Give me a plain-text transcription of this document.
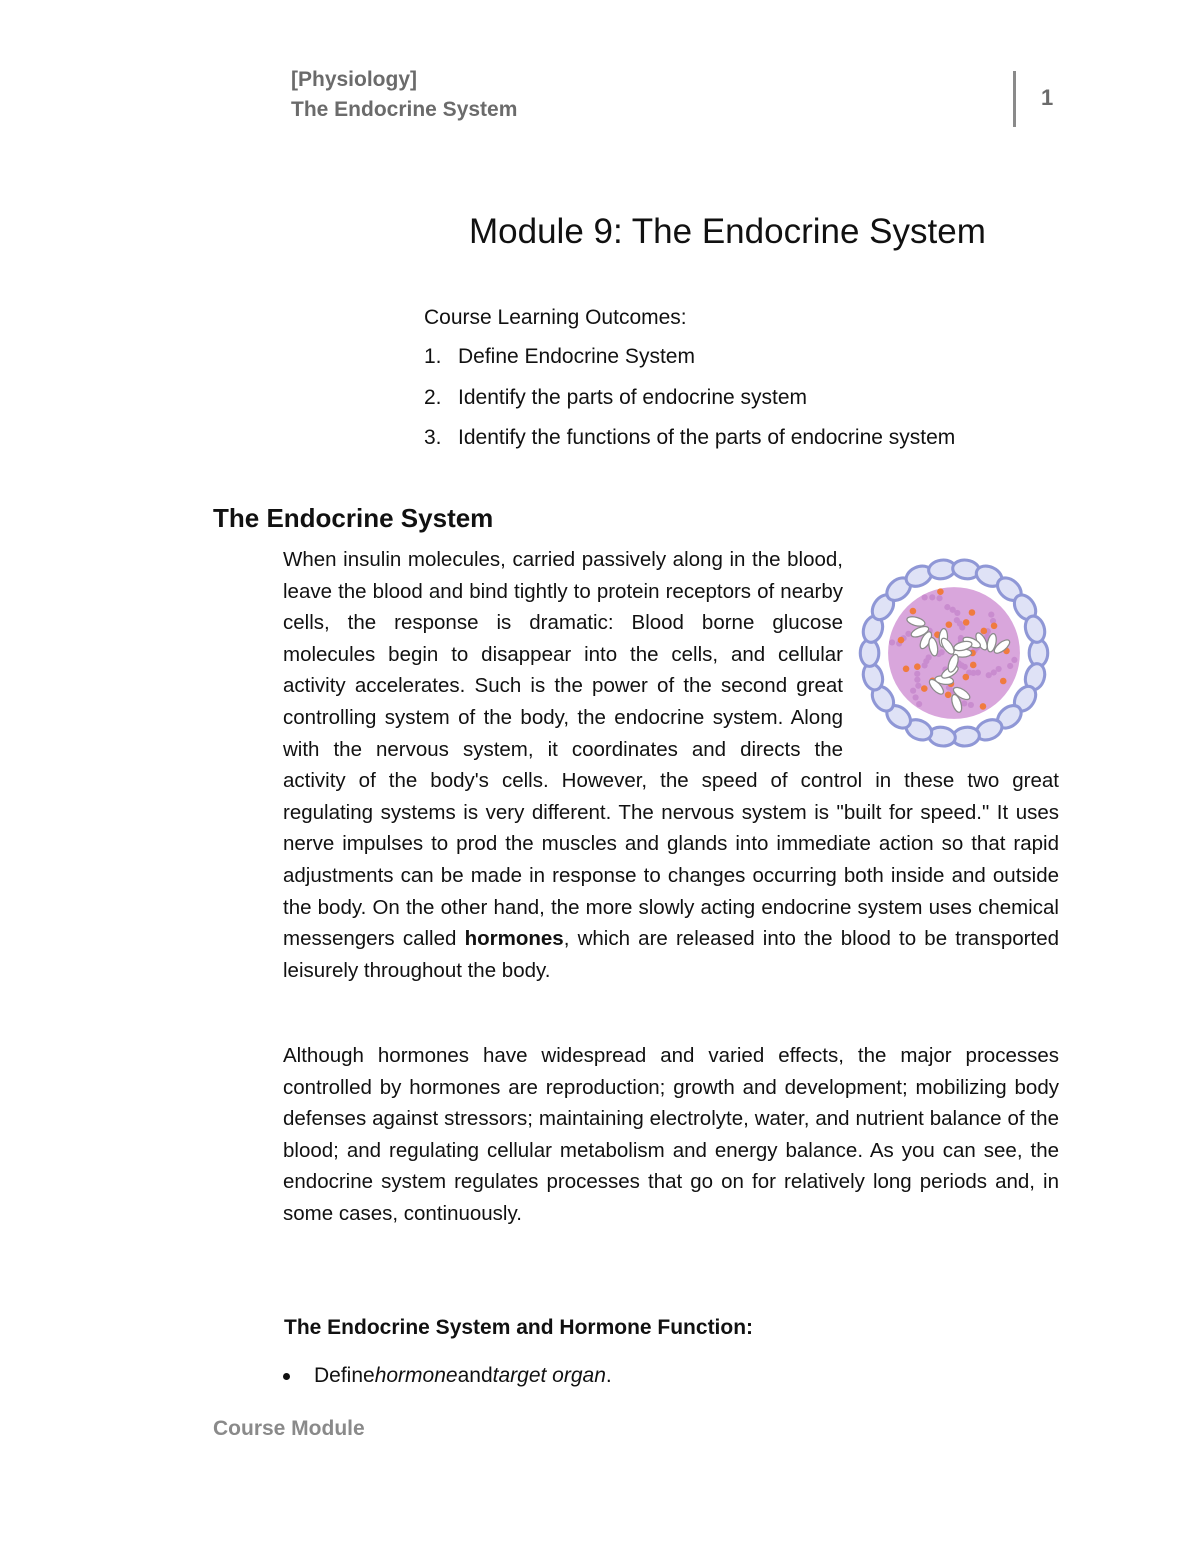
[Physiology]
The Endocrine System	1
Module 9: The Endocrine System
Course Learning Outcomes:
1. Define Endocrine System
2. Identify the parts of endocrine system
3. Identify the functions of the parts of endocrine system
The Endocrine System

When insulin molecules, carried passively along in the blood, leave the blood and bind tightly to protein receptors of nearby cells, the response is dramatic: Blood borne glucose molecules begin to disappear into the cells, and cellular activity accelerates. Such is the power of the second great controlling system of the body, the endocrine system. Along with the nervous system, it coordinates and directs the activity of the body's cells. However, the speed of control in these two great regulating systems is very different. The nervous system is "built for speed." It uses nerve impulses to prod the muscles and glands into immediate action so that rapid adjustments can be made in response to changes occurring both inside and outside the body. On the other hand, the more slowly acting endocrine system uses chemical messengers called hormones, which are released into the blood to be transported leisurely throughout the body.

Although hormones have widespread and varied effects, the major processes controlled by hormones are reproduction; growth and development; mobilizing body defenses against stressors; maintaining electrolyte, water, and nutrient balance of the blood; and regulating cellular metabolism and energy balance. As you can see, the endocrine system regulates processes that go on for relatively long periods and, in some cases, continuously.

The Endocrine System and Hormone Function:
Define hormone and target organ .
Course Module
